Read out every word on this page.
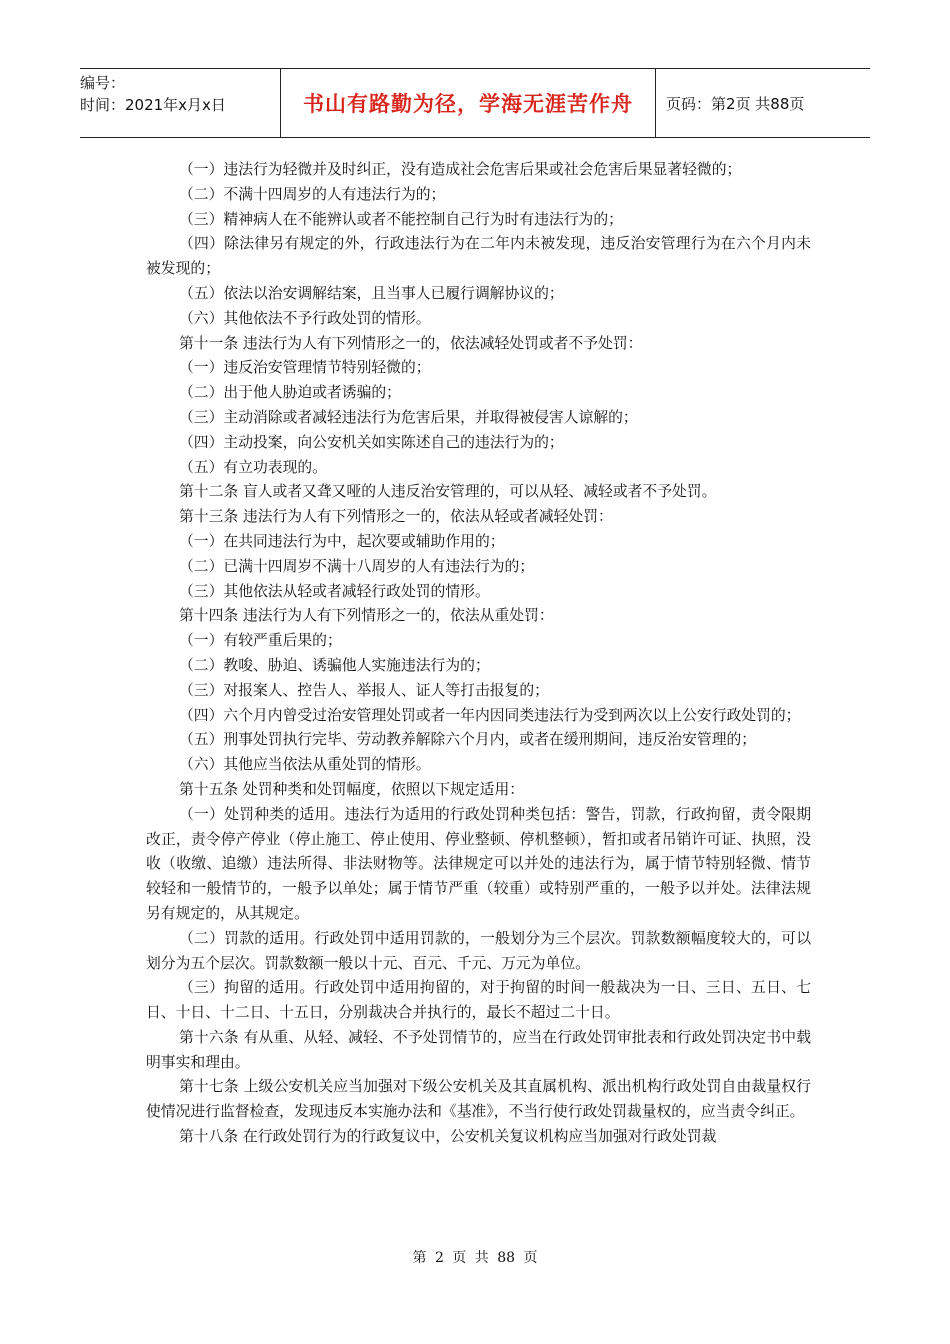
编号：
时间：2021年x月x日	书山有路勤为径，学海无涯苦作舟	页码：第2页 共88页

（一）违法行为轻微并及时纠正，没有造成社会危害后果或社会危害后果显著轻微的；

（二）不满十四周岁的人有违法行为的；

（三）精神病人在不能辨认或者不能控制自己行为时有违法行为的；

（四）除法律另有规定的外，行政违法行为在二年内未被发现，违反治安管理行为在六个月内未被发现的；

（五）依法以治安调解结案，且当事人已履行调解协议的；

（六）其他依法不予行政处罚的情形。

第十一条 违法行为人有下列情形之一的，依法减轻处罚或者不予处罚：

（一）违反治安管理情节特别轻微的；

（二）出于他人胁迫或者诱骗的；

（三）主动消除或者减轻违法行为危害后果，并取得被侵害人谅解的；

（四）主动投案，向公安机关如实陈述自己的违法行为的；

（五）有立功表现的。

第十二条 盲人或者又聋又哑的人违反治安管理的，可以从轻、减轻或者不予处罚。

第十三条 违法行为人有下列情形之一的，依法从轻或者减轻处罚：

（一）在共同违法行为中，起次要或辅助作用的；

（二）已满十四周岁不满十八周岁的人有违法行为的；

（三）其他依法从轻或者减轻行政处罚的情形。

第十四条 违法行为人有下列情形之一的，依法从重处罚：

（一）有较严重后果的；

（二）教唆、胁迫、诱骗他人实施违法行为的；

（三）对报案人、控告人、举报人、证人等打击报复的；

（四）六个月内曾受过治安管理处罚或者一年内因同类违法行为受到两次以上公安行政处罚的；

（五）刑事处罚执行完毕、劳动教养解除六个月内，或者在缓刑期间，违反治安管理的；

（六）其他应当依法从重处罚的情形。

第十五条 处罚种类和处罚幅度，依照以下规定适用：

（一）处罚种类的适用。违法行为适用的行政处罚种类包括：警告，罚款，行政拘留，责令限期改正，责令停产停业（停止施工、停止使用、停业整顿、停机整顿），暂扣或者吊销许可证、执照，没收（收缴、追缴）违法所得、非法财物等。法律规定可以并处的违法行为，属于情节特别轻微、情节较轻和一般情节的，一般予以单处；属于情节严重（较重）或特别严重的，一般予以并处。法律法规另有规定的，从其规定。

（二）罚款的适用。行政处罚中适用罚款的，一般划分为三个层次。罚款数额幅度较大的，可以划分为五个层次。罚款数额一般以十元、百元、千元、万元为单位。

（三）拘留的适用。行政处罚中适用拘留的，对于拘留的时间一般裁决为一日、三日、五日、七日、十日、十二日、十五日，分别裁决合并执行的，最长不超过二十日。

第十六条 有从重、从轻、减轻、不予处罚情节的，应当在行政处罚审批表和行政处罚决定书中载明事实和理由。

第十七条 上级公安机关应当加强对下级公安机关及其直属机构、派出机构行政处罚自由裁量权行使情况进行监督检查，发现违反本实施办法和《基准》，不当行使行政处罚裁量权的，应当责令纠正。

第十八条 在行政处罚行为的行政复议中，公安机关复议机构应当加强对行政处罚裁

第 2 页 共 88 页
